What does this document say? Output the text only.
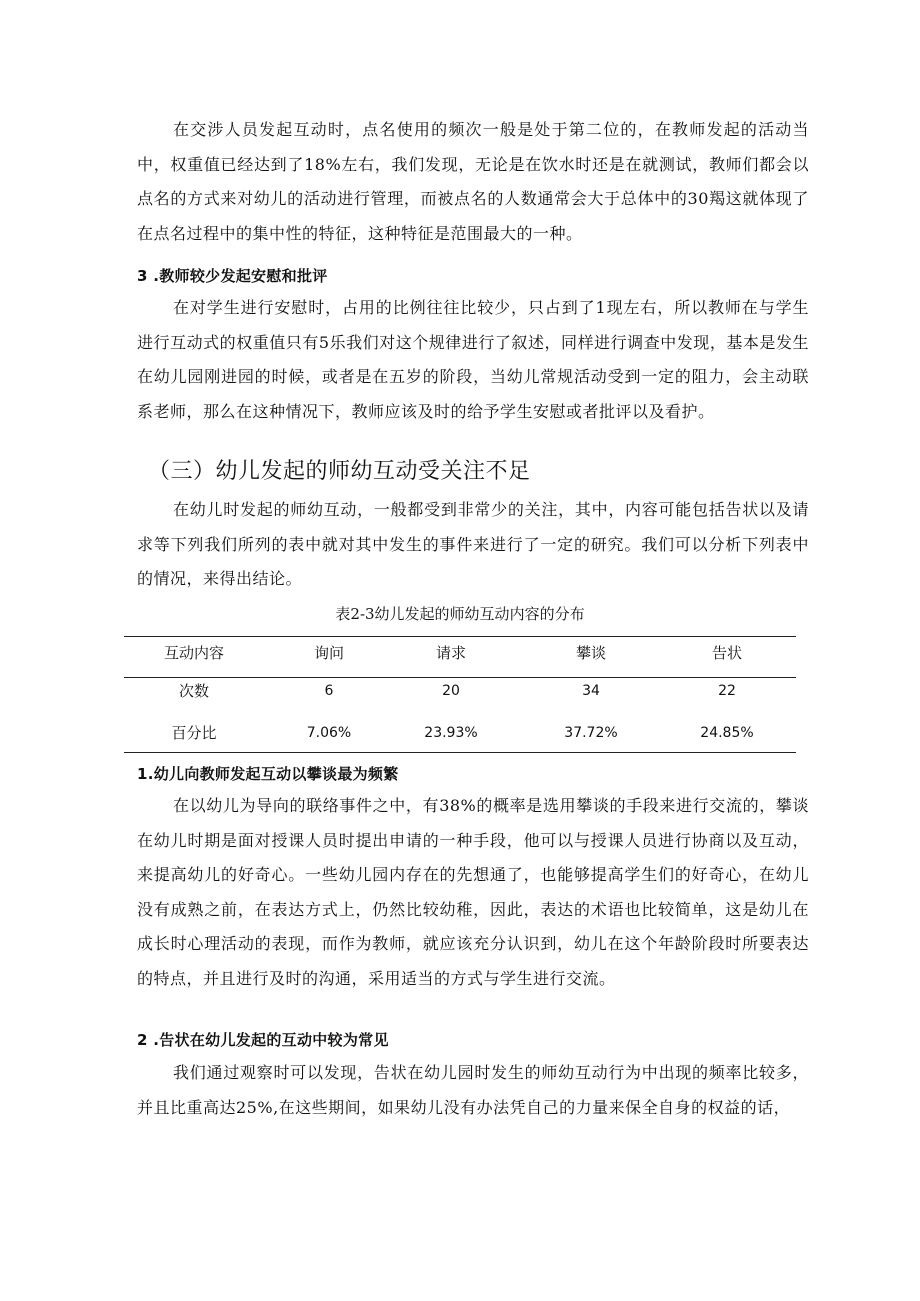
在交涉人员发起互动时，点名使用的频次一般是处于第二位的，在教师发起的活动当中，权重值已经达到了18%左右，我们发现，无论是在饮水时还是在就测试，教师们都会以点名的方式来对幼儿的活动进行管理，而被点名的人数通常会大于总体中的30羯这就体现了在点名过程中的集中性的特征，这种特征是范围最大的一种。

3 .教师较少发起安慰和批评

在对学生进行安慰时，占用的比例往往比较少，只占到了1现左右，所以教师在与学生进行互动式的权重值只有5乐我们对这个规律进行了叙述，同样进行调查中发现，基本是发生在幼儿园刚进园的时候，或者是在五岁的阶段，当幼儿常规活动受到一定的阻力，会主动联系老师，那么在这种情况下，教师应该及时的给予学生安慰或者批评以及看护。

（三）幼儿发起的师幼互动受关注不足

在幼儿时发起的师幼互动，一般都受到非常少的关注，其中，内容可能包括告状以及请求等下列我们所列的表中就对其中发生的事件来进行了一定的研究。我们可以分析下列表中的情况，来得出结论。

表2-3幼儿发起的师幼互动内容的分布

互动内容	询问	请求	攀谈	告状
次数	6	20	34	22
百分比	7.06%	23.93%	37.72%	24.85%

1.幼儿向教师发起互动以攀谈最为频繁

在以幼儿为导向的联络事件之中，有38%的概率是选用攀谈的手段来进行交流的，攀谈在幼儿时期是面对授课人员时提出申请的一种手段，他可以与授课人员进行协商以及互动，来提高幼儿的好奇心。一些幼儿园内存在的先想通了，也能够提高学生们的好奇心，在幼儿没有成熟之前，在表达方式上，仍然比较幼稚，因此，表达的术语也比较简单，这是幼儿在成长时心理活动的表现，而作为教师，就应该充分认识到，幼儿在这个年龄阶段时所要表达的特点，并且进行及时的沟通，采用适当的方式与学生进行交流。

2 .告状在幼儿发起的互动中较为常见

我们通过观察时可以发现，告状在幼儿园时发生的师幼互动行为中出现的频率比较多，并且比重高达25%,在这些期间，如果幼儿没有办法凭自己的力量来保全自身的权益的话，
